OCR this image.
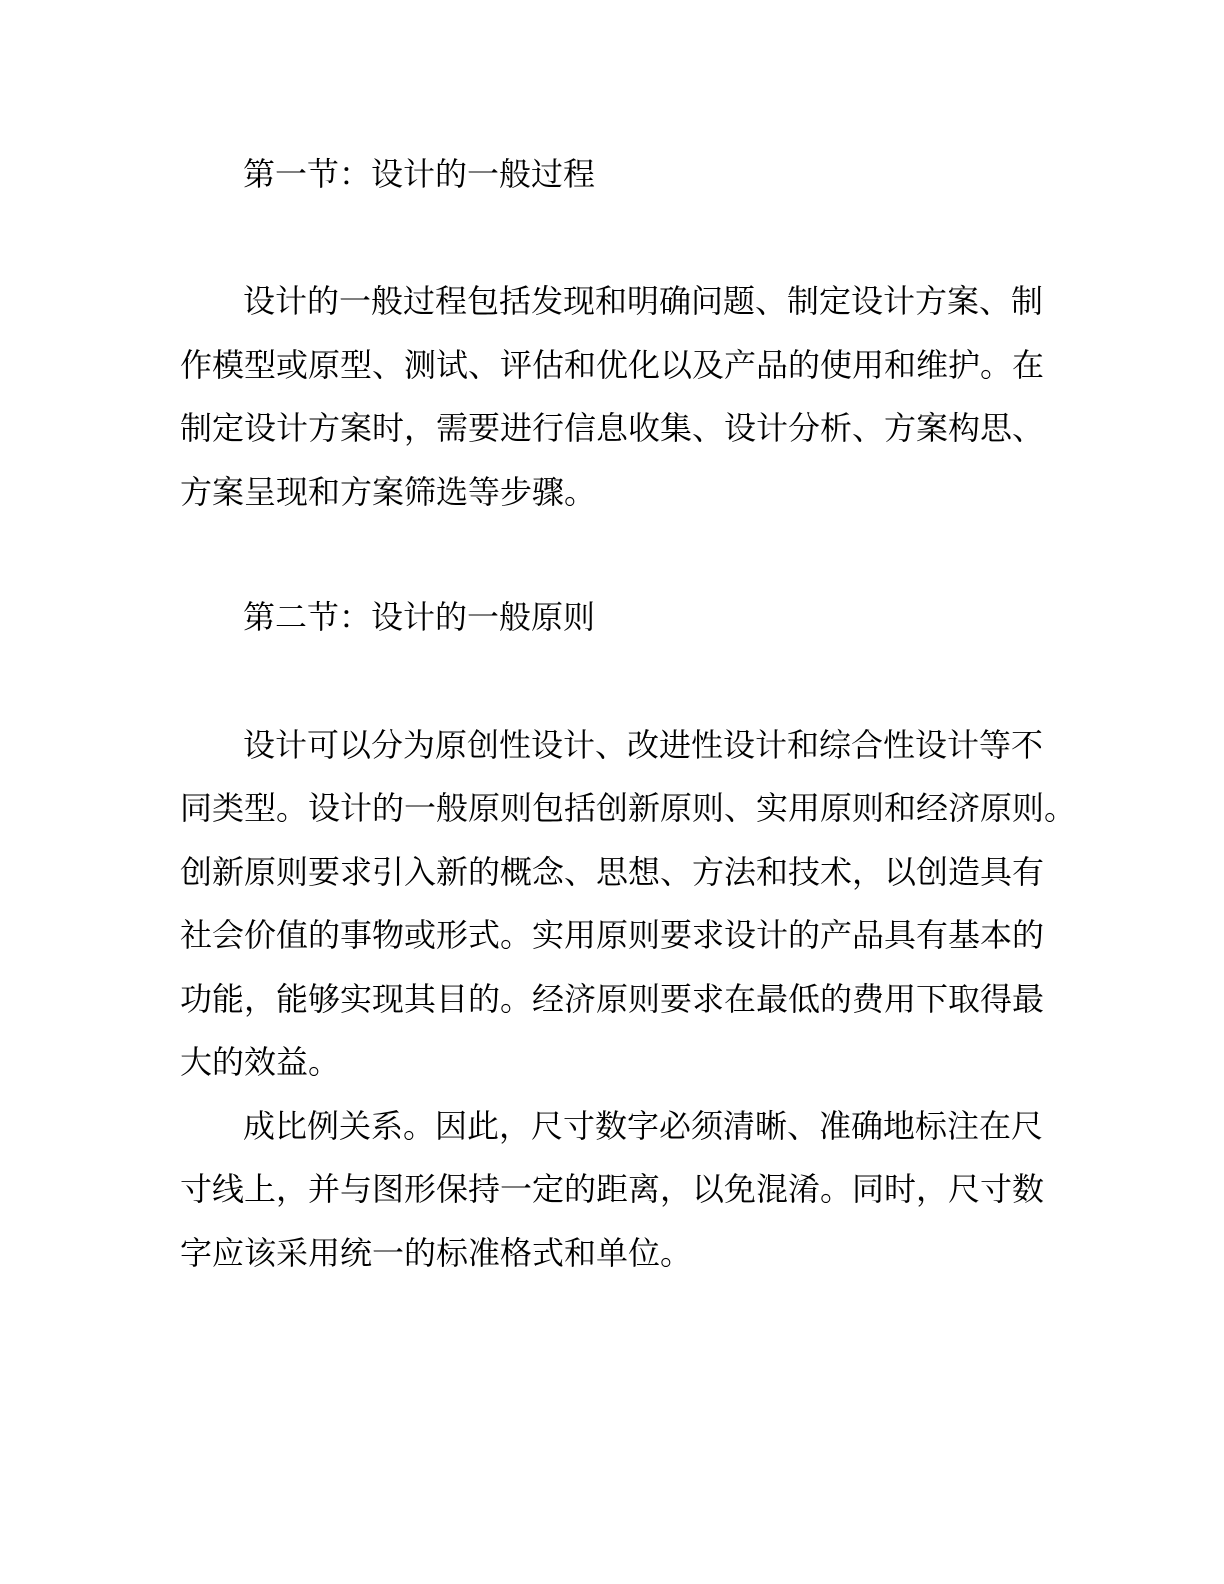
第一节：设计的一般过程
设计的一般过程包括发现和明确问题、制定设计方案、制
作模型或原型、测试、评估和优化以及产品的使用和维护。在
制定设计方案时，需要进行信息收集、设计分析、方案构思、
方案呈现和方案筛选等步骤。
第二节：设计的一般原则
设计可以分为原创性设计、改进性设计和综合性设计等不
同类型。设计的一般原则包括创新原则、实用原则和经济原则。
创新原则要求引入新的概念、思想、方法和技术，以创造具有
社会价值的事物或形式。实用原则要求设计的产品具有基本的
功能，能够实现其目的。经济原则要求在最低的费用下取得最
大的效益。
成比例关系。因此，尺寸数字必须清晰、准确地标注在尺
寸线上，并与图形保持一定的距离，以免混淆。同时，尺寸数
字应该采用统一的标准格式和单位。
